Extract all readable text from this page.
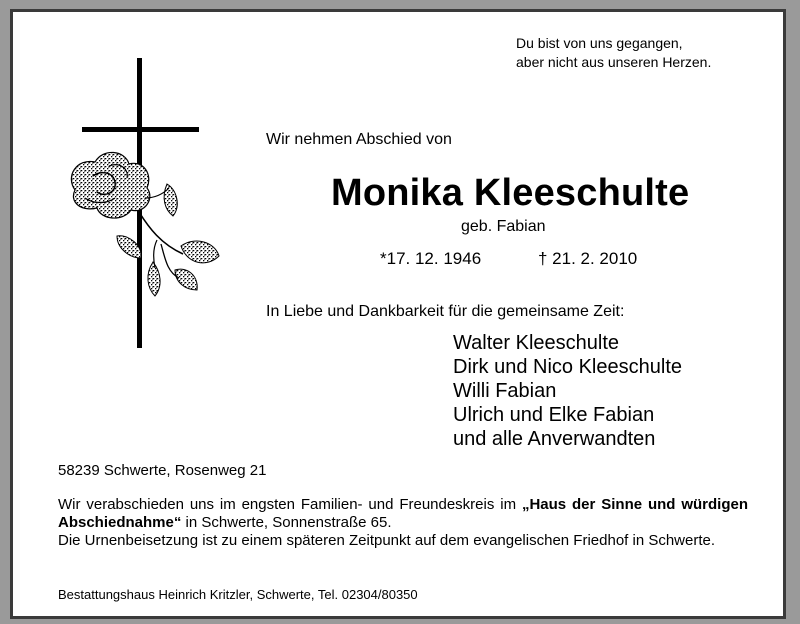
Du bist von uns gegangen,
aber nicht aus unseren Herzen.
Wir nehmen Abschied von
Monika Kleeschulte
geb. Fabian
*17. 12. 1946	† 21. 2. 2010
In Liebe und Dankbarkeit für die gemeinsame Zeit:
Walter Kleeschulte
Dirk und Nico Kleeschulte
Willi Fabian
Ulrich und Elke Fabian
und alle Anverwandten
58239 Schwerte, Rosenweg 21

Wir verabschieden uns im engsten Familien- und Freundeskreis im „Haus der Sinne und würdigen Abschiednahme“ in Schwerte, Sonnenstraße 65.

Die Urnenbeisetzung ist zu einem späteren Zeitpunkt auf dem evangelischen Friedhof in Schwerte.

Bestattungshaus Heinrich Kritzler, Schwerte, Tel. 02304/80350
